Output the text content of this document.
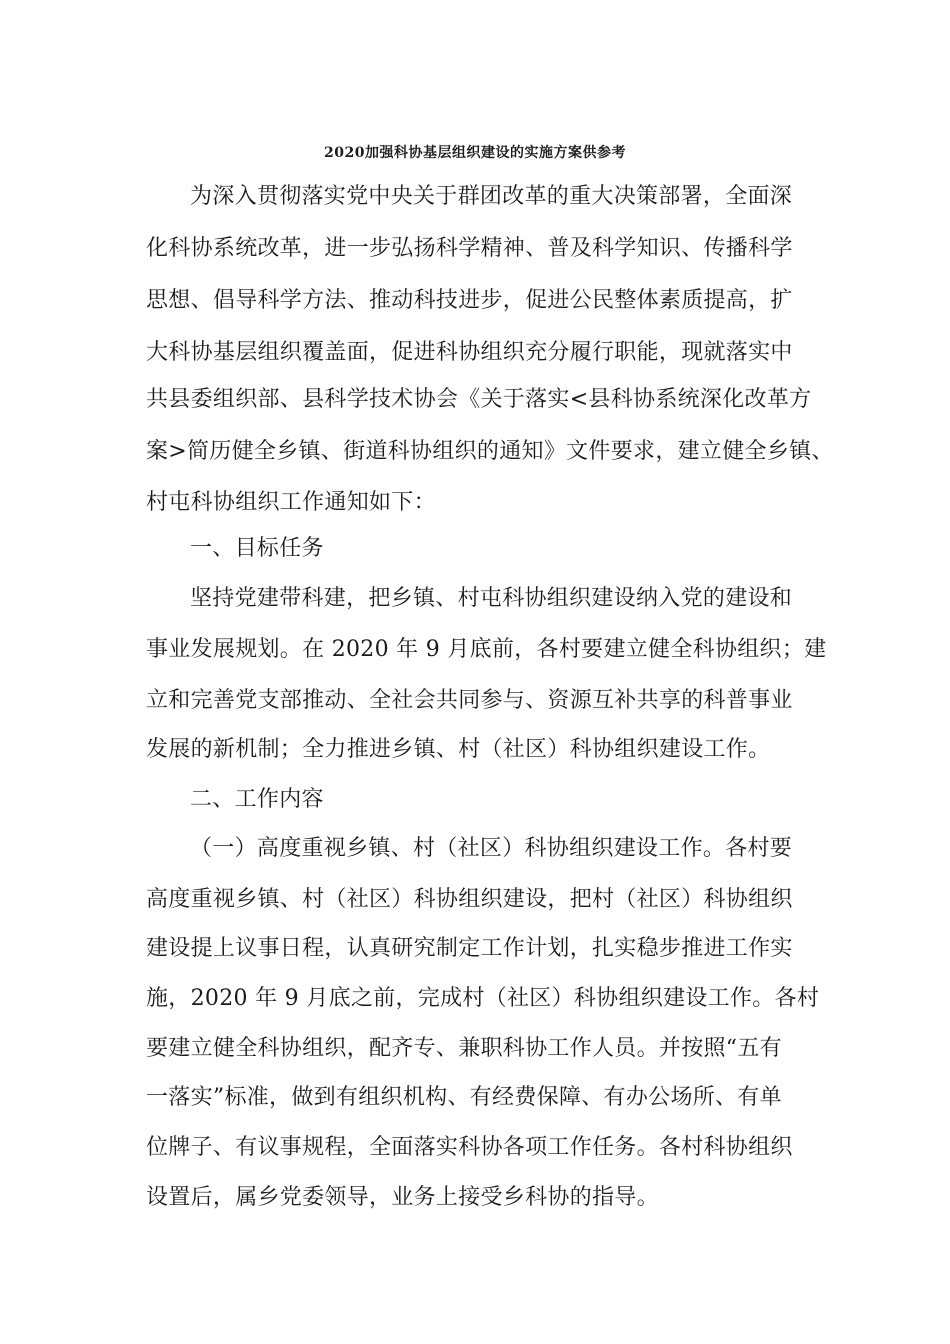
2020加强科协基层组织建设的实施方案供参考
为深入贯彻落实党中央关于群团改革的重大决策部署，全面深
化科协系统改革，进一步弘扬科学精神、普及科学知识、传播科学
思想、倡导科学方法、推动科技进步，促进公民整体素质提高，扩
大科协基层组织覆盖面，促进科协组织充分履行职能，现就落实中
共县委组织部、县科学技术协会《关于落实<县科协系统深化改革方
案>简历健全乡镇、街道科协组织的通知》文件要求，建立健全乡镇、
村屯科协组织工作通知如下：
一、目标任务
坚持党建带科建，把乡镇、村屯科协组织建设纳入党的建设和
事业发展规划。在 2020 年 9 月底前，各村要建立健全科协组织；建
立和完善党支部推动、全社会共同参与、资源互补共享的科普事业
发展的新机制；全力推进乡镇、村（社区）科协组织建设工作。
二、工作内容
（一）高度重视乡镇、村（社区）科协组织建设工作。各村要
高度重视乡镇、村（社区）科协组织建设，把村（社区）科协组织
建设提上议事日程，认真研究制定工作计划，扎实稳步推进工作实
施，2020 年 9 月底之前，完成村（社区）科协组织建设工作。各村
要建立健全科协组织，配齐专、兼职科协工作人员。并按照“五有
一落实”标准，做到有组织机构、有经费保障、有办公场所、有单
位牌子、有议事规程，全面落实科协各项工作任务。各村科协组织
设置后，属乡党委领导，业务上接受乡科协的指导。
